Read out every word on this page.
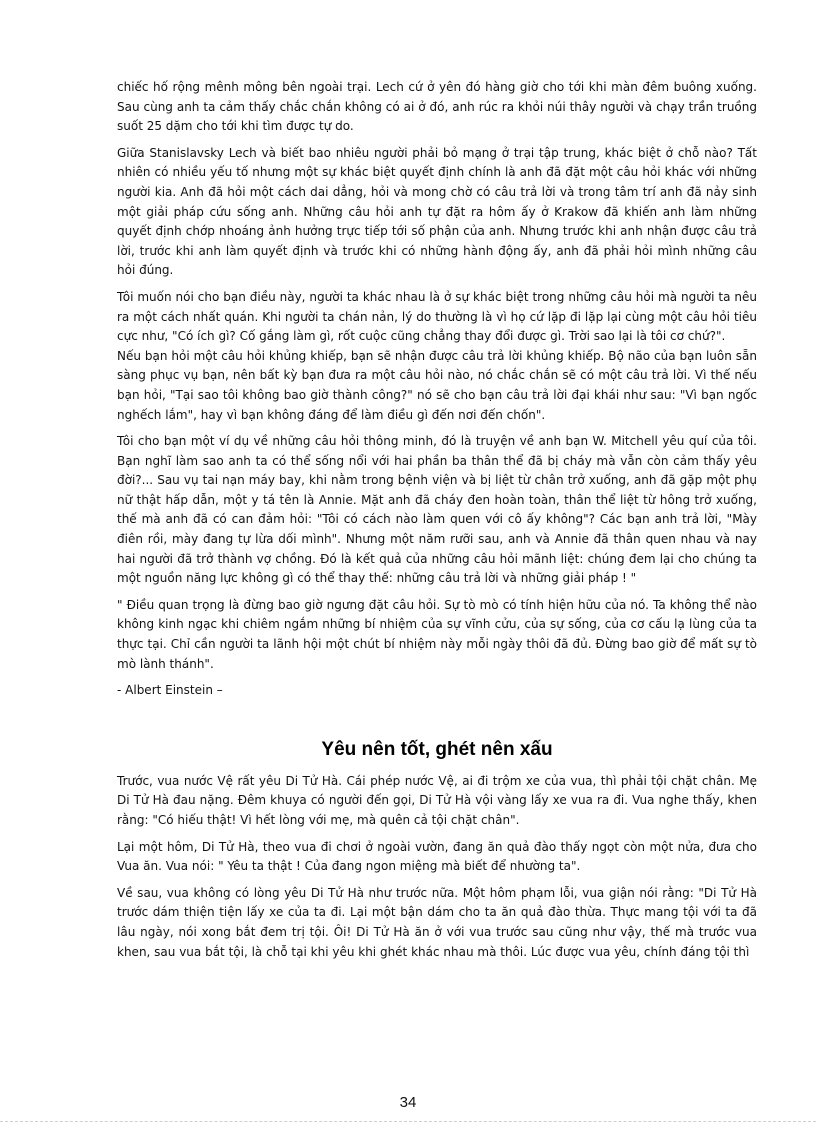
chiếc hố rộng mênh mông bên ngoài trại. Lech cứ ở yên đó hàng giờ cho tới khi màn đêm buông xuống. Sau cùng anh ta cảm thấy chắc chắn không có ai ở đó, anh rúc ra khỏi núi thây người và chạy trần truồng suốt 25 dặm cho tới khi tìm được tự do.

Giữa Stanislavsky Lech và biết bao nhiêu người phải bỏ mạng ở trại tập trung, khác biệt ở chỗ nào? Tất nhiên có nhiều yếu tố nhưng một sự khác biệt quyết định chính là anh đã đặt một câu hỏi khác với những người kia. Anh đã hỏi một cách dai dẳng, hỏi và mong chờ có câu trả lời và trong tâm trí anh đã nảy sinh một giải pháp cứu sống anh. Những câu hỏi anh tự đặt ra hôm ấy ở Krakow đã khiến anh làm những quyết định chớp nhoáng ảnh hưởng trực tiếp tới số phận của anh. Nhưng trước khi anh nhận được câu trả lời, trước khi anh làm quyết định và trước khi có những hành động ấy, anh đã phải hỏi mình những câu hỏi đúng.

Tôi muốn nói cho bạn điều này, người ta khác nhau là ở sự khác biệt trong những câu hỏi mà người ta nêu ra một cách nhất quán. Khi người ta chán nản, lý do thường là vì họ cứ lặp đi lặp lại cùng một câu hỏi tiêu cực như, "Có ích gì? Cố gắng làm gì, rốt cuộc cũng chẳng thay đổi được gì. Trời sao lại là tôi cơ chứ?".

Nếu bạn hỏi một câu hỏi khủng khiếp, bạn sẽ nhận được câu trả lời khủng khiếp. Bộ não của bạn luôn sẵn sàng phục vụ bạn, nên bất kỳ bạn đưa ra một câu hỏi nào, nó chắc chắn sẽ có một câu trả lời. Vì thế nếu bạn hỏi, "Tại sao tôi không bao giờ thành công?" nó sẽ cho bạn câu trả lời đại khái như sau: "Vì bạn ngốc nghếch lắm", hay vì bạn không đáng để làm điều gì đến nơi đến chốn".

Tôi cho bạn một ví dụ về những câu hỏi thông minh, đó là truyện về anh bạn W. Mitchell yêu quí của tôi. Bạn nghĩ làm sao anh ta có thể sống nổi với hai phần ba thân thể đã bị cháy mà vẫn còn cảm thấy yêu đời?... Sau vụ tai nạn máy bay, khi nằm trong bệnh viện và bị liệt từ chân trở xuống, anh đã gặp một phụ nữ thật hấp dẫn, một y tá tên là Annie. Mặt anh đã cháy đen hoàn toàn, thân thể liệt từ hông trở xuống, thế mà anh đã có can đảm hỏi: "Tôi có cách nào làm quen với cô ấy không"? Các bạn anh trả lời, "Mày điên rồi, mày đang tự lừa dối mình". Nhưng một năm rưỡi sau, anh và Annie đã thân quen nhau và nay hai người đã trở thành vợ chồng. Đó là kết quả của những câu hỏi mãnh liệt: chúng đem lại cho chúng ta một nguồn năng lực không gì có thể thay thế: những câu trả lời và những giải pháp ! "

" Điều quan trọng là đừng bao giờ ngưng đặt câu hỏi. Sự tò mò có tính hiện hữu của nó. Ta không thể nào không kinh ngạc khi chiêm ngắm những bí nhiệm của sự vĩnh cửu, của sự sống, của cơ cấu lạ lùng của ta thực tại. Chỉ cần người ta lãnh hội một chút bí nhiệm này mỗi ngày thôi đã đủ. Đừng bao giờ để mất sự tò mò lành thánh".

- Albert Einstein –

Yêu nên tốt, ghét nên xấu

Trước, vua nước Vệ rất yêu Di Tử Hà. Cái phép nước Vệ, ai đi trộm xe của vua, thì phải tội chặt chân. Mẹ Di Tử Hà đau nặng. Đêm khuya có người đến gọi, Di Tử Hà vội vàng lấy xe vua ra đi. Vua nghe thấy, khen rằng: "Có hiếu thật! Vì hết lòng với mẹ, mà quên cả tội chặt chân".

Lại một hôm, Di Tử Hà, theo vua đi chơi ở ngoài vườn, đang ăn quả đào thấy ngọt còn một nửa, đưa cho Vua ăn. Vua nói: " Yêu ta thật ! Của đang ngon miệng mà biết để nhường ta".

Về sau, vua không có lòng yêu Di Tử Hà như trước nữa. Một hôm phạm lỗi, vua giận nói rằng: "Di Tử Hà trước dám thiện tiện lấy xe của ta đi. Lại một bận dám cho ta ăn quả đào thừa. Thực mang tội với ta đã lâu ngày, nói xong bắt đem trị tội. Ôi! Di Tử Hà ăn ở với vua trước sau cũng như vậy, thế mà trước vua khen, sau vua bắt tội, là chỗ tại khi yêu khi ghét khác nhau mà thôi. Lúc được vua yêu, chính đáng tội thì

34
